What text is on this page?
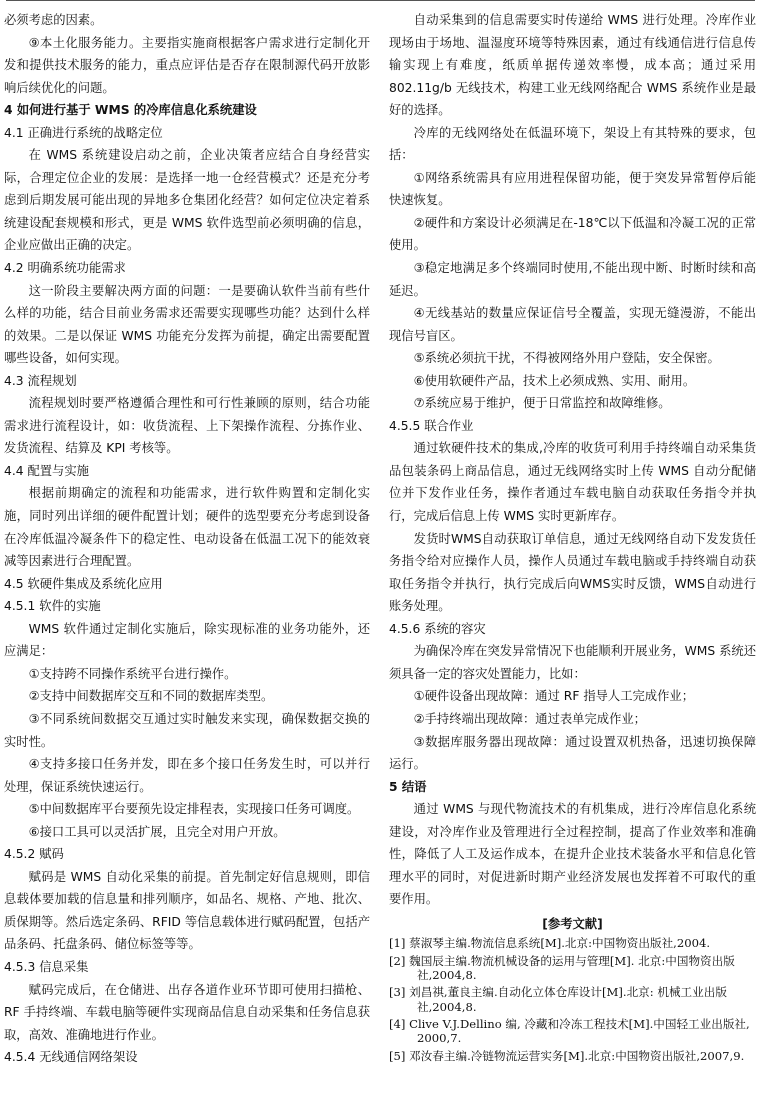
必须考虑的因素。

⑨本土化服务能力。主要指实施商根据客户需求进行定制化开发和提供技术服务的能力，重点应评估是否存在限制源代码开放影响后续优化的问题。

4 如何进行基于 WMS 的冷库信息化系统建设

4.1 正确进行系统的战略定位

在 WMS 系统建设启动之前，企业决策者应结合自身经营实际，合理定位企业的发展：是选择一地一仓经营模式？还是充分考虑到后期发展可能出现的异地多仓集团化经营？如何定位决定着系统建设配套规模和形式，更是 WMS 软件选型前必须明确的信息，企业应做出正确的决定。

4.2 明确系统功能需求

这一阶段主要解决两方面的问题：一是要确认软件当前有些什么样的功能，结合目前业务需求还需要实现哪些功能？达到什么样的效果。二是以保证 WMS 功能充分发挥为前提，确定出需要配置哪些设备，如何实现。

4.3 流程规划

流程规划时要严格遵循合理性和可行性兼顾的原则，结合功能需求进行流程设计，如：收货流程、上下架操作流程、分拣作业、发货流程、结算及 KPI 考核等。

4.4 配置与实施

根据前期确定的流程和功能需求，进行软件购置和定制化实施，同时列出详细的硬件配置计划；硬件的选型要充分考虑到设备在冷库低温冷凝条件下的稳定性、电动设备在低温工况下的能效衰减等因素进行合理配置。

4.5 软硬件集成及系统化应用

4.5.1 软件的实施

WMS 软件通过定制化实施后，除实现标准的业务功能外，还应满足：

①支持跨不同操作系统平台进行操作。

②支持中间数据库交互和不同的数据库类型。

③不同系统间数据交互通过实时触发来实现，确保数据交换的实时性。

④支持多接口任务并发，即在多个接口任务发生时，可以并行处理，保证系统快速运行。

⑤中间数据库平台要预先设定排程表，实现接口任务可调度。

⑥接口工具可以灵活扩展，且完全对用户开放。

4.5.2 赋码

赋码是 WMS 自动化采集的前提。首先制定好信息规则，即信息载体要加载的信息量和排列顺序，如品名、规格、产地、批次、质保期等。然后选定条码、RFID 等信息载体进行赋码配置，包括产品条码、托盘条码、储位标签等等。

4.5.3 信息采集

赋码完成后，在仓储进、出存各道作业环节即可使用扫描枪、RF 手持终端、车载电脑等硬件实现商品信息自动采集和任务信息获取，高效、准确地进行作业。

4.5.4 无线通信网络架设

自动采集到的信息需要实时传递给 WMS 进行处理。冷库作业现场由于场地、温湿度环境等特殊因素，通过有线通信进行信息传输实现上有难度，纸质单据传递效率慢，成本高；通过采用 802.11g/b 无线技术，构建工业无线网络配合 WMS 系统作业是最好的选择。

冷库的无线网络处在低温环境下，架设上有其特殊的要求，包括：

①网络系统需具有应用进程保留功能，便于突发异常暂停后能快速恢复。

②硬件和方案设计必须满足在-18℃以下低温和冷凝工况的正常使用。

③稳定地满足多个终端同时使用,不能出现中断、时断时续和高延迟。

④无线基站的数量应保证信号全覆盖，实现无缝漫游，不能出现信号盲区。

⑤系统必须抗干扰，不得被网络外用户登陆，安全保密。

⑥使用软硬件产品，技术上必须成熟、实用、耐用。

⑦系统应易于维护，便于日常监控和故障维修。

4.5.5 联合作业

通过软硬件技术的集成,冷库的收货可利用手持终端自动采集货品包装条码上商品信息，通过无线网络实时上传 WMS 自动分配储位并下发作业任务，操作者通过车载电脑自动获取任务指令并执行，完成后信息上传 WMS 实时更新库存。

发货时WMS自动获取订单信息，通过无线网络自动下发发货任务指令给对应操作人员，操作人员通过车载电脑或手持终端自动获取任务指令并执行，执行完成后向WMS实时反馈，WMS自动进行账务处理。

4.5.6 系统的容灾

为确保冷库在突发异常情况下也能顺利开展业务，WMS 系统还须具备一定的容灾处置能力，比如：

①硬件设备出现故障：通过 RF 指导人工完成作业；

②手持终端出现故障：通过表单完成作业；

③数据库服务器出现故障：通过设置双机热备，迅速切换保障运行。

5 结语

通过 WMS 与现代物流技术的有机集成，进行冷库信息化系统建设，对冷库作业及管理进行全过程控制，提高了作业效率和准确性，降低了人工及运作成本，在提升企业技术装备水平和信息化管理水平的同时，对促进新时期产业经济发展也发挥着不可取代的重要作用。

[参考文献]

[1] 蔡淑琴主编.物流信息系统[M].北京:中国物资出版社,2004.

[2] 魏国辰主编.物流机械设备的运用与管理[M]. 北京:中国物资出版社,2004,8.

[3] 刘昌祺,董良主编.自动化立体仓库设计[M].北京: 机械工业出版社,2004,8.

[4] Clive V.J.Dellino 编, 冷藏和冷冻工程技术[M].中国轻工业出版社, 2000,7.

[5] 邓汝春主编.冷链物流运营实务[M].北京:中国物资出版社,2007,9.
